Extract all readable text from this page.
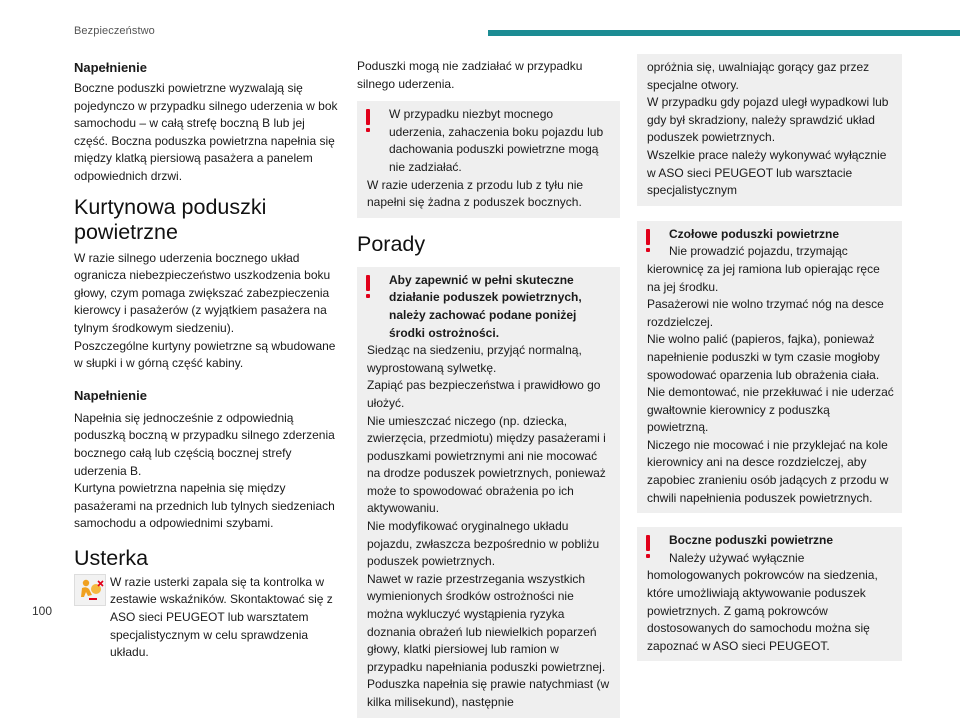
Bezpieczeństwo
Napełnienie

Boczne poduszki powietrzne wyzwalają się pojedynczo w przypadku silnego uderzenia w bok samochodu – w całą strefę boczną B lub jej część. Boczna poduszka powietrzna napełnia się między klatką piersiową pasażera a panelem odpowiednich drzwi.

Kurtynowa poduszki powietrzne

W razie silnego uderzenia bocznego układ ogranicza niebezpieczeństwo uszkodzenia boku głowy, czym pomaga zwiększać zabezpieczenia kierowcy i pasażerów (z wyjątkiem pasażera na tylnym środkowym siedzeniu).

Poszczególne kurtyny powietrzne są wbudowane w słupki i w górną część kabiny.

Napełnienie

Napełnia się jednocześnie z odpowiednią poduszką boczną w przypadku silnego zderzenia bocznego całą lub częścią bocznej strefy uderzenia B.

Kurtyna powietrzna napełnia się między pasażerami na przednich lub tylnych siedzeniach samochodu a odpowiednimi szybami.

Usterka

W razie usterki zapala się ta kontrolka w zestawie wskaźników. Skontaktować się z ASO sieci PEUGEOT lub warsztatem specjalistycznym w celu sprawdzenia układu.

Poduszki mogą nie zadziałać w przypadku silnego uderzenia.

W przypadku niezbyt mocnego uderzenia, zahaczenia boku pojazdu lub dachowania poduszki powietrzne mogą nie zadziałać.

W razie uderzenia z przodu lub z tyłu nie napełni się żadna z poduszek bocznych.

Porady

Aby zapewnić w pełni skuteczne działanie poduszek powietrznych, należy zachować podane poniżej środki ostrożności.

Siedząc na siedzeniu, przyjąć normalną, wyprostowaną sylwetkę.

Zapiąć pas bezpieczeństwa i prawidłowo go ułożyć.

Nie umieszczać niczego (np. dziecka, zwierzęcia, przedmiotu) między pasażerami i poduszkami powietrznymi ani nie mocować na drodze poduszek powietrznych, ponieważ może to spowodować obrażenia po ich aktywowaniu.

Nie modyfikować oryginalnego układu pojazdu, zwłaszcza bezpośrednio w pobliżu poduszek powietrznych.

Nawet w razie przestrzegania wszystkich wymienionych środków ostrożności nie można wykluczyć wystąpienia ryzyka doznania obrażeń lub niewielkich poparzeń głowy, klatki piersiowej lub ramion w przypadku napełniania poduszki powietrznej. Poduszka napełnia się prawie natychmiast (w kilka milisekund), następnie

opróżnia się, uwalniając gorący gaz przez specjalne otwory.

W przypadku gdy pojazd uległ wypadkowi lub gdy był skradziony, należy sprawdzić układ poduszek powietrznych.

Wszelkie prace należy wykonywać wyłącznie w ASO sieci PEUGEOT lub warsztacie specjalistycznym

Czołowe poduszki powietrzne

Nie prowadzić pojazdu, trzymając kierownicę za jej ramiona lub opierając ręce na jej środku.

Pasażerowi nie wolno trzymać nóg na desce rozdzielczej.

Nie wolno palić (papieros, fajka), ponieważ napełnienie poduszki w tym czasie mogłoby spowodować oparzenia lub obrażenia ciała.

Nie demontować, nie przekłuwać i nie uderzać gwałtownie kierownicy z poduszką powietrzną.

Niczego nie mocować i nie przyklejać na kole kierownicy ani na desce rozdzielczej, aby zapobiec zranieniu osób jadących z przodu w chwili napełnienia poduszek powietrznych.

Boczne poduszki powietrzne

Należy używać wyłącznie homologowanych pokrowców na siedzenia, które umożliwiają aktywowanie poduszek powietrznych. Z gamą pokrowców dostosowanych do samochodu można się zapoznać w ASO sieci PEUGEOT.

100
